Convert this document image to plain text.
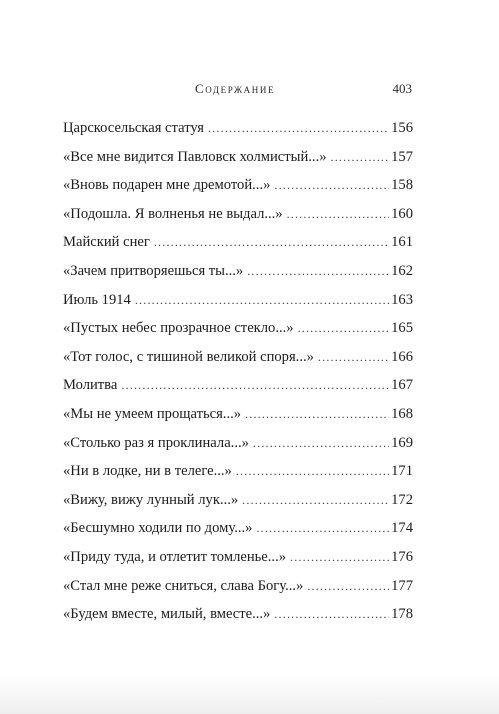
Содержание	403
Царскосельская статуя .....	156
«Все мне видится Павловск холмистый...» .....	157
«Вновь подарен мне дремотой...» .....	158
«Подошла. Я волненья не выдал...» .....	160
Майский снег .....	161
«Зачем притворяешься ты...» .....	162
Июль 1914 .....	163
«Пустых небес прозрачное стекло...» .....	165
«Тот голос, с тишиной великой споря...» .....	166
Молитва .....	167
«Мы не умеем прощаться...» .....	168
«Столько раз я проклинала...» .....	169
«Ни в лодке, ни в телеге...» .....	171
«Вижу, вижу лунный лук...» .....	172
«Бесшумно ходили по дому...» .....	174
«Приду туда, и отлетит томленье...» .....	176
«Стал мне реже сниться, слава Богу...» .....	177
«Будем вместе, милый, вместе...» .....	178
